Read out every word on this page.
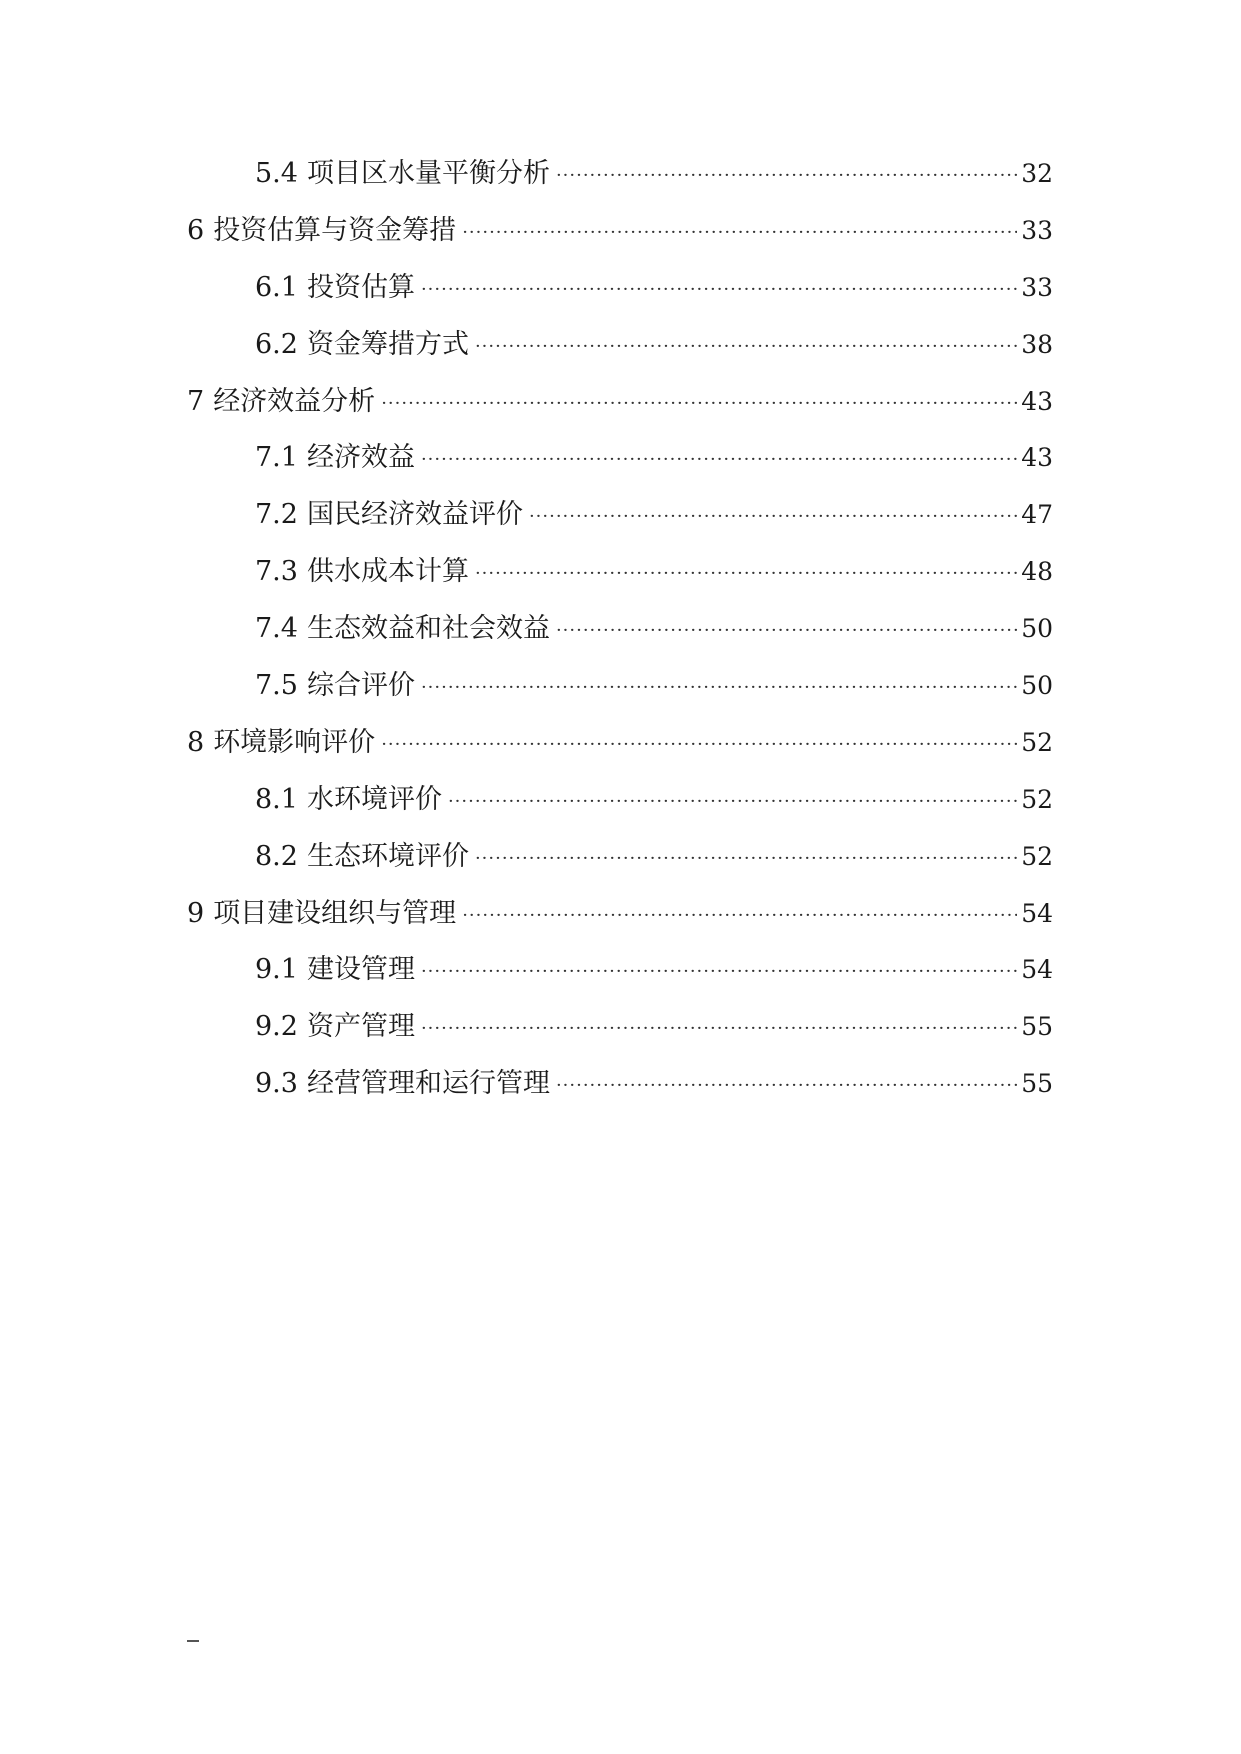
5.4 项目区水量平衡分析 ·····	32
6 投资估算与资金筹措 ·····	33
6.1 投资估算 ·····	33
6.2 资金筹措方式 ·····	38
7 经济效益分析 ·····	43
7.1 经济效益 ·····	43
7.2 国民经济效益评价 ·····	47
7.3 供水成本计算 ·····	48
7.4 生态效益和社会效益 ·····	50
7.5 综合评价 ·····	50
8 环境影响评价 ·····	52
8.1 水环境评价 ·····	52
8.2 生态环境评价 ·····	52
9 项目建设组织与管理 ·····	54
9.1 建设管理 ·····	54
9.2 资产管理 ·····	55
9.3 经营管理和运行管理 ·····	55
